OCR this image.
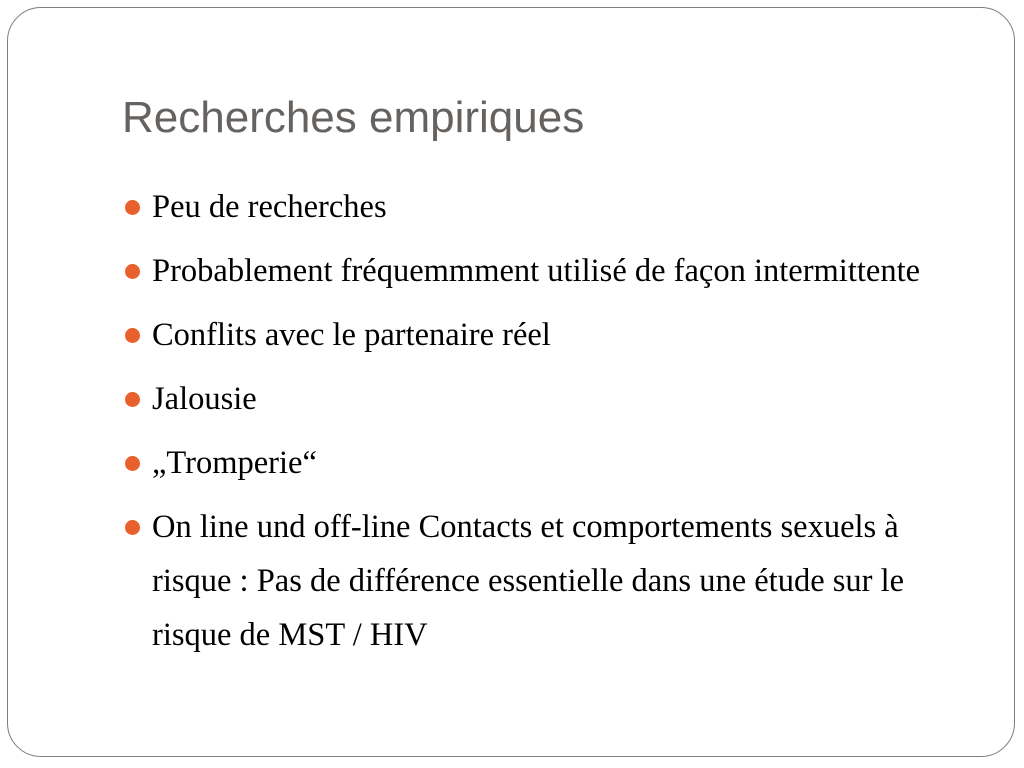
Recherches empiriques
Peu de recherches
Probablement fréquemmment utilisé de façon intermittente
Conflits avec le partenaire réel
Jalousie
„Tromperie“
On line und off-line Contacts et comportements sexuels à risque : Pas de différence essentielle dans une étude sur le risque de MST / HIV
